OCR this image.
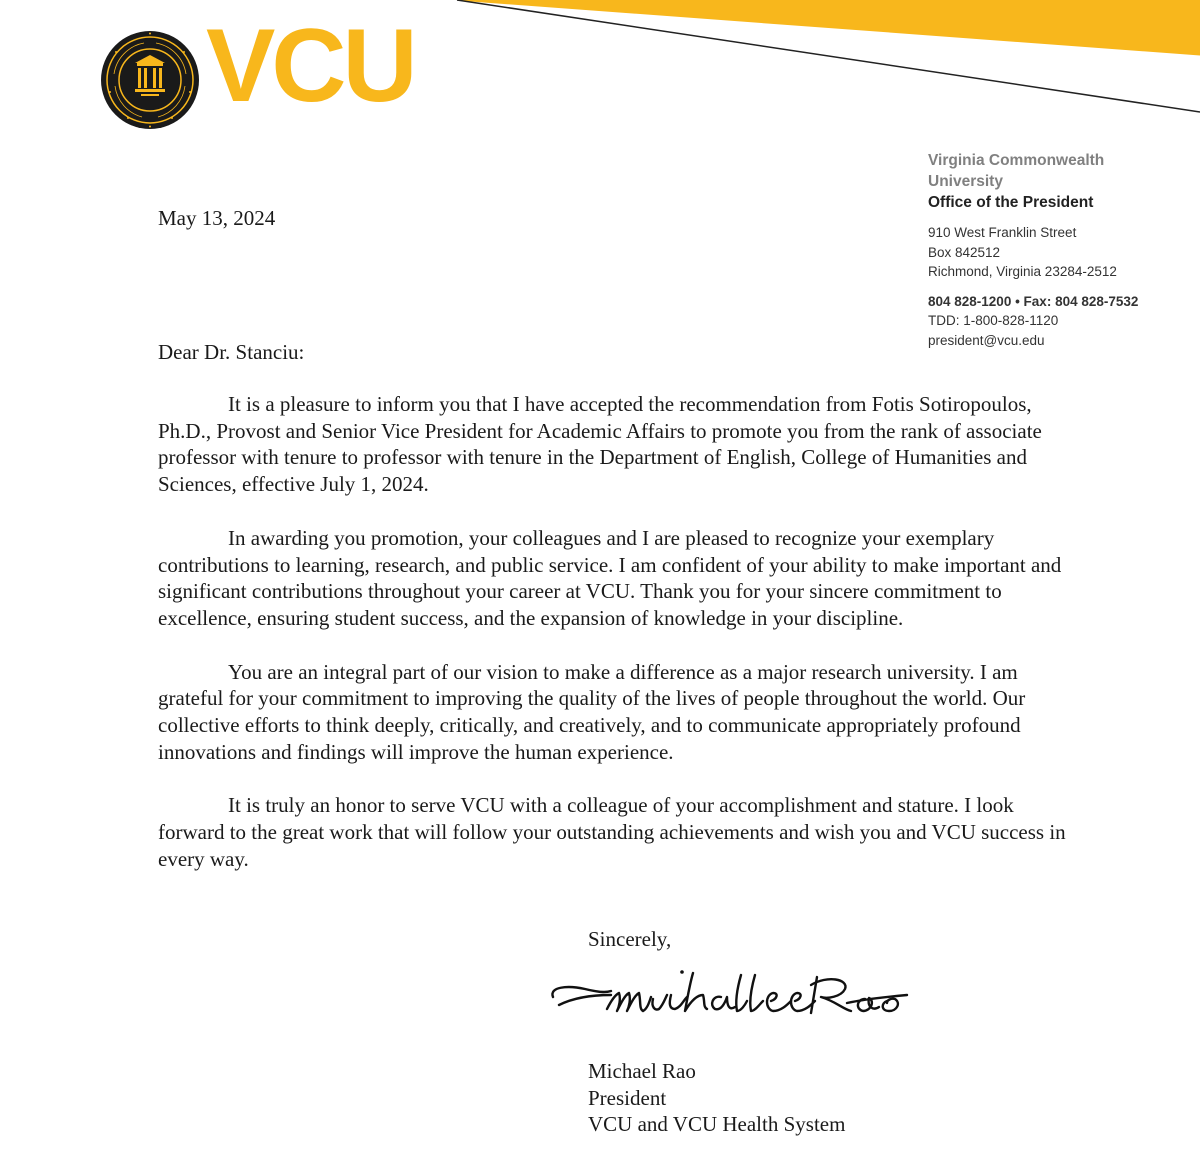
VCU
Virginia Commonwealth
University
Office of the President
910 West Franklin Street
Box 842512
Richmond, Virginia 23284-2512
804 828-1200 • Fax: 804 828-7532
TDD: 1-800-828-1120
president@vcu.edu
May 13, 2024
Dear Dr. Stanciu:

It is a pleasure to inform you that I have accepted the recommendation from Fotis Sotiropoulos, Ph.D., Provost and Senior Vice President for Academic Affairs to promote you from the rank of associate professor with tenure to professor with tenure in the Department of English, College of Humanities and Sciences, effective July 1, 2024.

In awarding you promotion, your colleagues and I are pleased to recognize your exemplary contributions to learning, research, and public service. I am confident of your ability to make important and significant contributions throughout your career at VCU. Thank you for your sincere commitment to excellence, ensuring student success, and the expansion of knowledge in your discipline.

You are an integral part of our vision to make a difference as a major research university. I am grateful for your commitment to improving the quality of the lives of people throughout the world. Our collective efforts to think deeply, critically, and creatively, and to communicate appropriately profound innovations and findings will improve the human experience.

It is truly an honor to serve VCU with a colleague of your accomplishment and stature. I look forward to the great work that will follow your outstanding achievements and wish you and VCU success in every way.

Sincerely,
Michael Rao
President
VCU and VCU Health System
